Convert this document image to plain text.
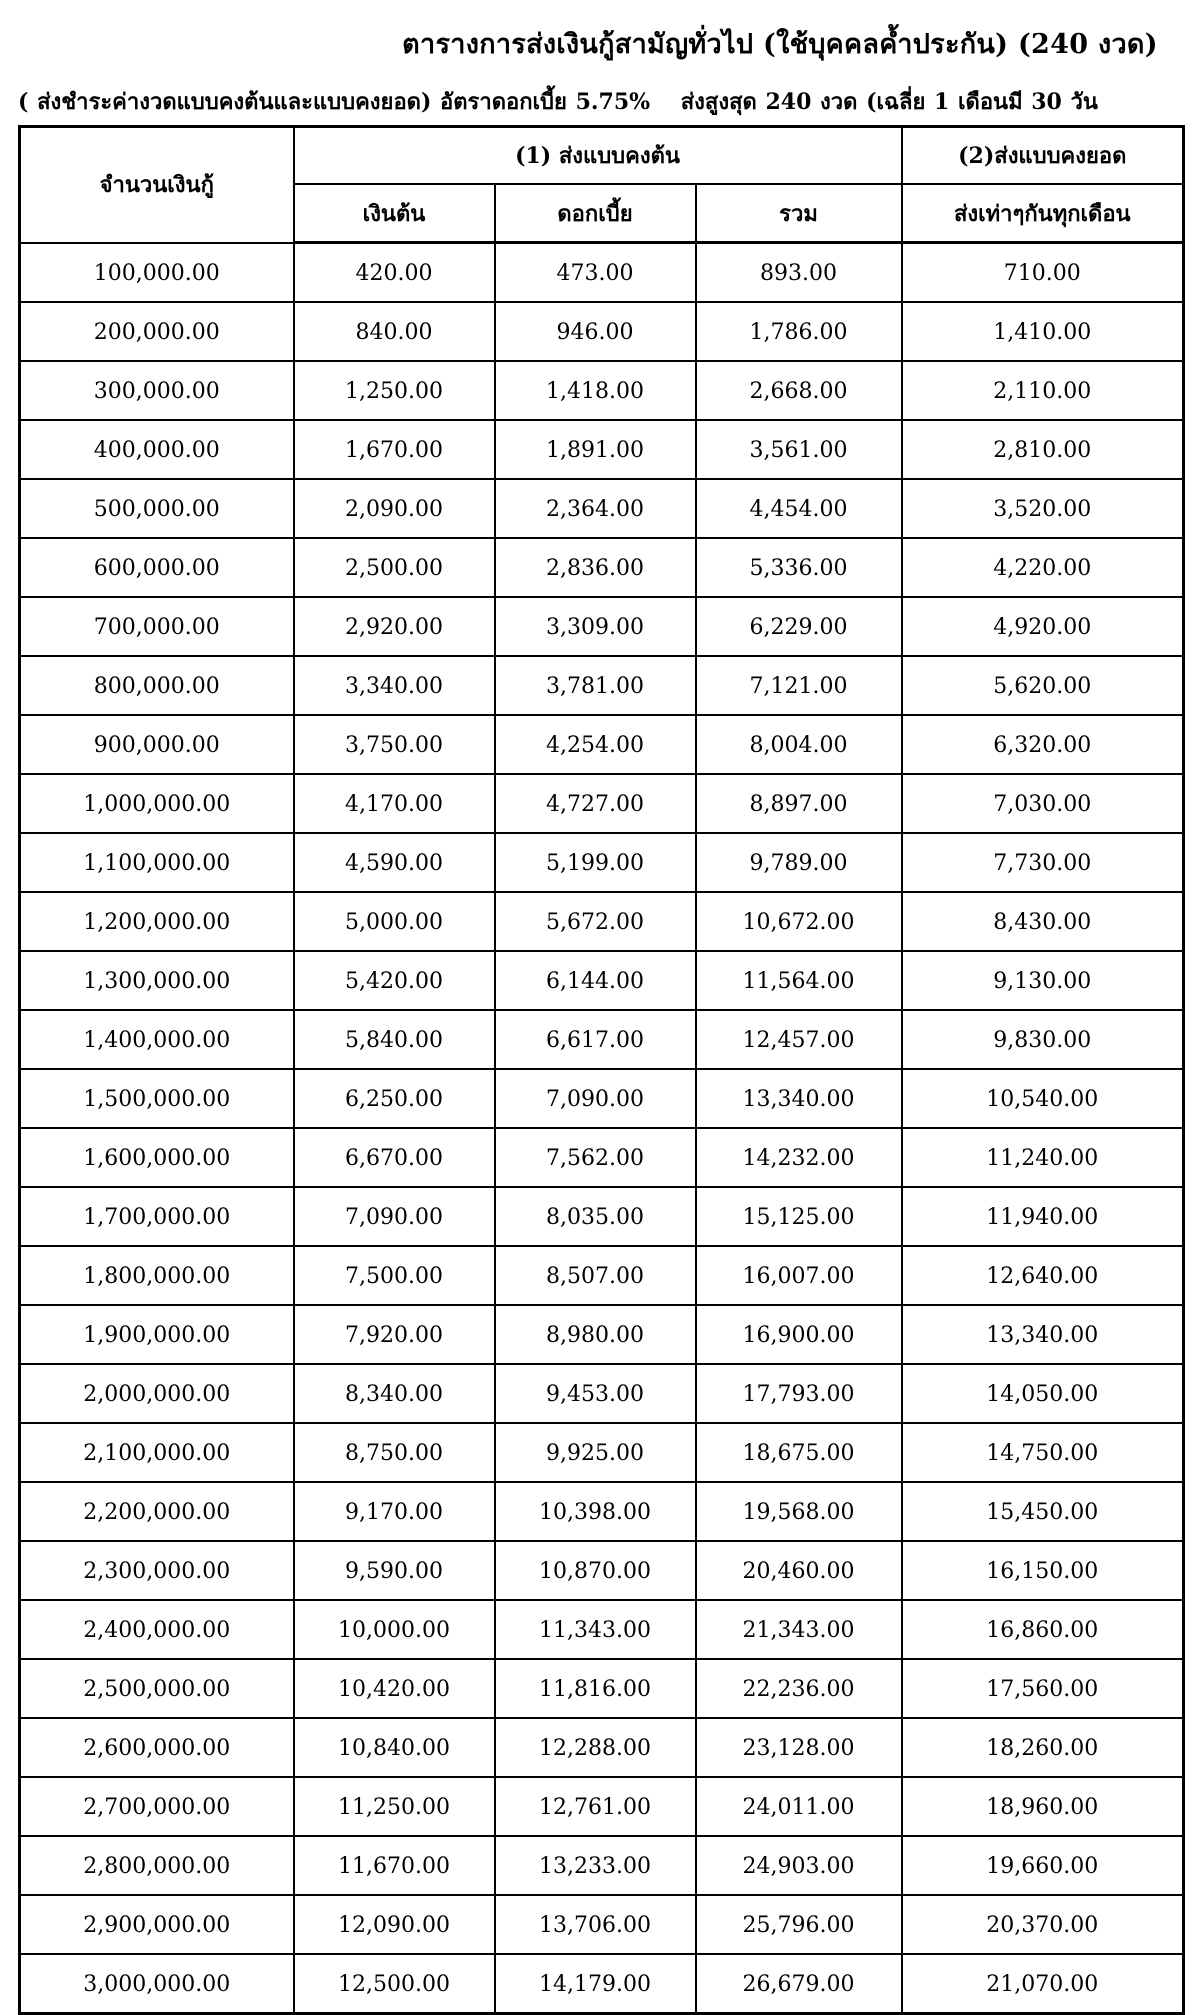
ตารางการส่งเงินกู้สามัญทั่วไป (ใช้บุคคลค้ำประกัน) (240 งวด)
( ส่งชำระค่างวดแบบคงต้นและแบบคงยอด) อัตราดอกเบี้ย 5.75% ส่งสูงสุด 240 งวด (เฉลี่ย 1 เดือนมี 30 วัน
จำนวนเงินกู้	(1) ส่งแบบคงต้น			(2)ส่งแบบคงยอด
	เงินต้น	ดอกเบี้ย	รวม	ส่งเท่าๆกันทุกเดือน
100,000.00	420.00	473.00	893.00	710.00
200,000.00	840.00	946.00	1,786.00	1,410.00
300,000.00	1,250.00	1,418.00	2,668.00	2,110.00
400,000.00	1,670.00	1,891.00	3,561.00	2,810.00
500,000.00	2,090.00	2,364.00	4,454.00	3,520.00
600,000.00	2,500.00	2,836.00	5,336.00	4,220.00
700,000.00	2,920.00	3,309.00	6,229.00	4,920.00
800,000.00	3,340.00	3,781.00	7,121.00	5,620.00
900,000.00	3,750.00	4,254.00	8,004.00	6,320.00
1,000,000.00	4,170.00	4,727.00	8,897.00	7,030.00
1,100,000.00	4,590.00	5,199.00	9,789.00	7,730.00
1,200,000.00	5,000.00	5,672.00	10,672.00	8,430.00
1,300,000.00	5,420.00	6,144.00	11,564.00	9,130.00
1,400,000.00	5,840.00	6,617.00	12,457.00	9,830.00
1,500,000.00	6,250.00	7,090.00	13,340.00	10,540.00
1,600,000.00	6,670.00	7,562.00	14,232.00	11,240.00
1,700,000.00	7,090.00	8,035.00	15,125.00	11,940.00
1,800,000.00	7,500.00	8,507.00	16,007.00	12,640.00
1,900,000.00	7,920.00	8,980.00	16,900.00	13,340.00
2,000,000.00	8,340.00	9,453.00	17,793.00	14,050.00
2,100,000.00	8,750.00	9,925.00	18,675.00	14,750.00
2,200,000.00	9,170.00	10,398.00	19,568.00	15,450.00
2,300,000.00	9,590.00	10,870.00	20,460.00	16,150.00
2,400,000.00	10,000.00	11,343.00	21,343.00	16,860.00
2,500,000.00	10,420.00	11,816.00	22,236.00	17,560.00
2,600,000.00	10,840.00	12,288.00	23,128.00	18,260.00
2,700,000.00	11,250.00	12,761.00	24,011.00	18,960.00
2,800,000.00	11,670.00	13,233.00	24,903.00	19,660.00
2,900,000.00	12,090.00	13,706.00	25,796.00	20,370.00
3,000,000.00	12,500.00	14,179.00	26,679.00	21,070.00
